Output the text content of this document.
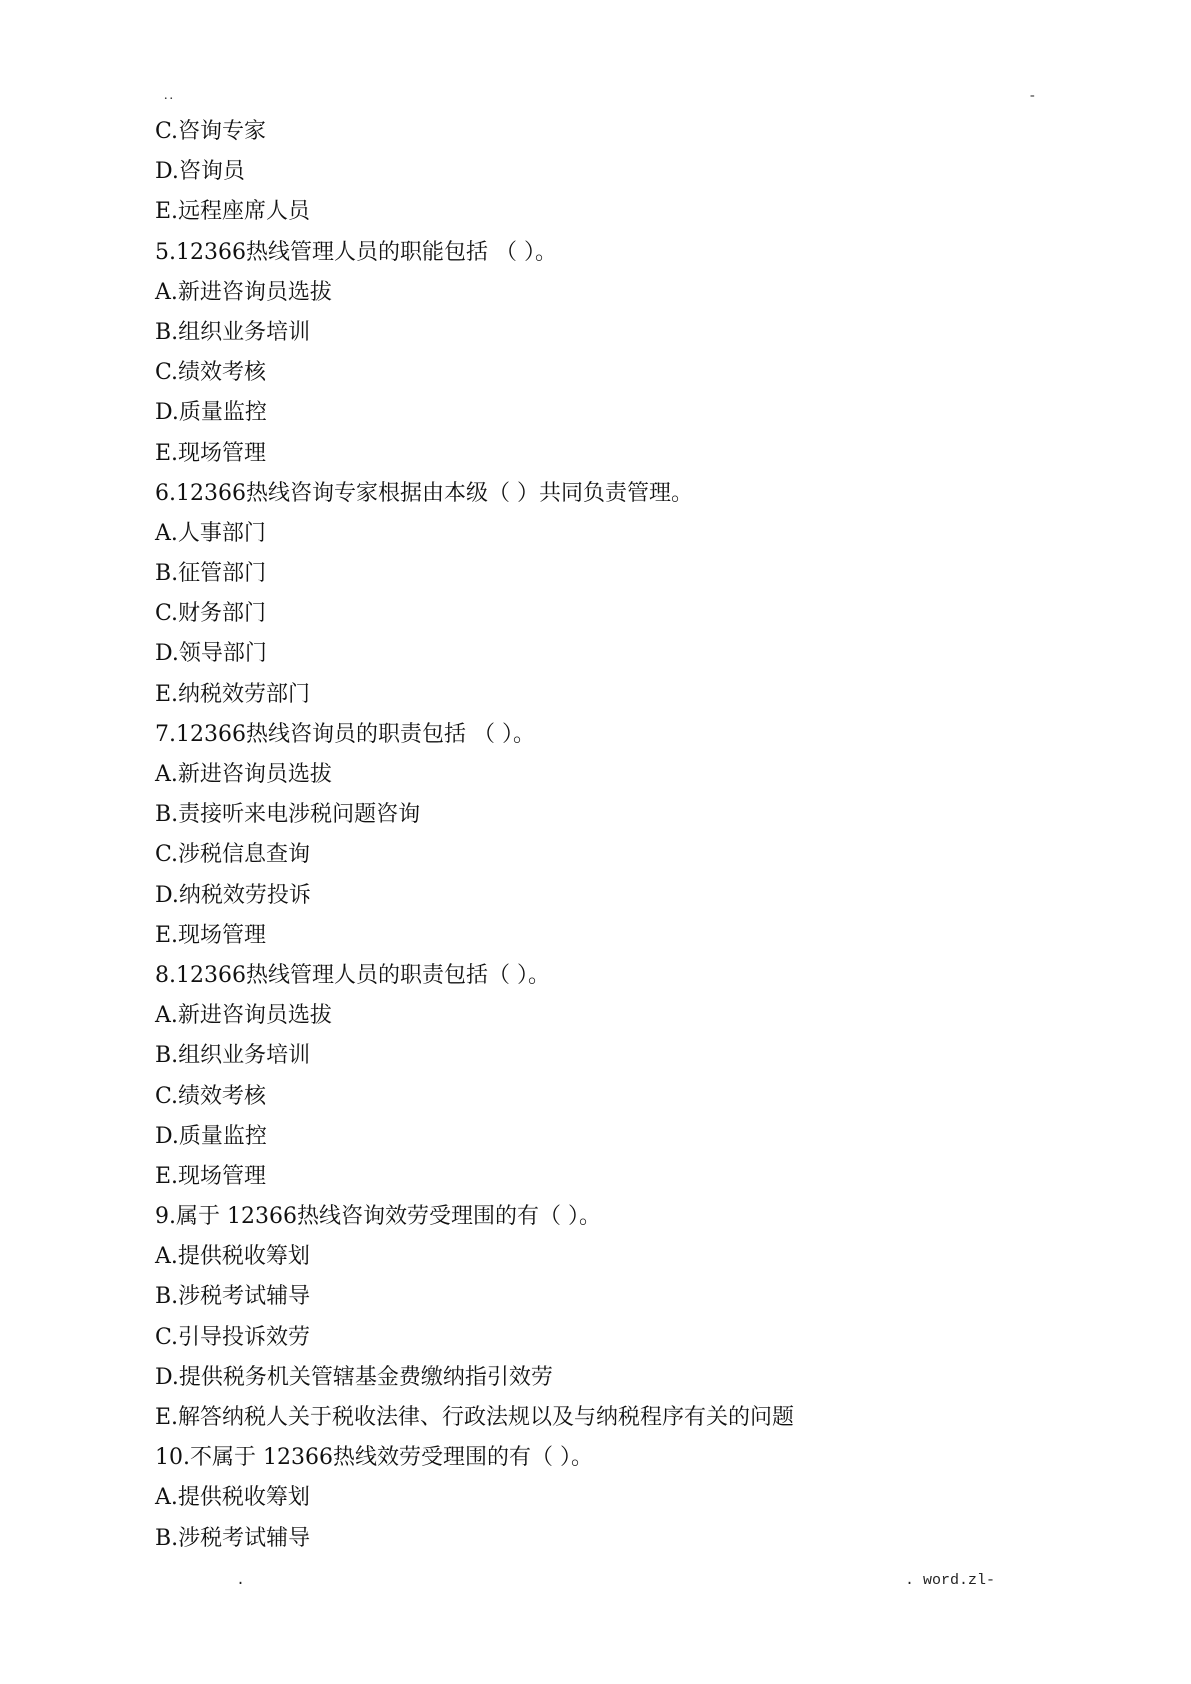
..	-
C.咨询专家
D.咨询员
E.远程座席人员
5.12366热线管理人员的职能包括 （ ）。
A.新进咨询员选拔
B.组织业务培训
C.绩效考核
D.质量监控
E.现场管理
6.12366热线咨询专家根据由本级（ ）共同负责管理。
A.人事部门
B.征管部门
C.财务部门
D.领导部门
E.纳税效劳部门
7.12366热线咨询员的职责包括 （ ）。
A.新进咨询员选拔
B.责接听来电涉税问题咨询
C.涉税信息查询
D.纳税效劳投诉
E.现场管理
8.12366热线管理人员的职责包括（ ）。
A.新进咨询员选拔
B.组织业务培训
C.绩效考核
D.质量监控
E.现场管理
9.属于 12366热线咨询效劳受理围的有（ ）。
A.提供税收筹划
B.涉税考试辅导
C.引导投诉效劳
D.提供税务机关管辖基金费缴纳指引效劳
E.解答纳税人关于税收法律、行政法规以及与纳税程序有关的问题
10.不属于 12366热线效劳受理围的有（ ）。
A.提供税收筹划
B.涉税考试辅导
.	. word.zl-
